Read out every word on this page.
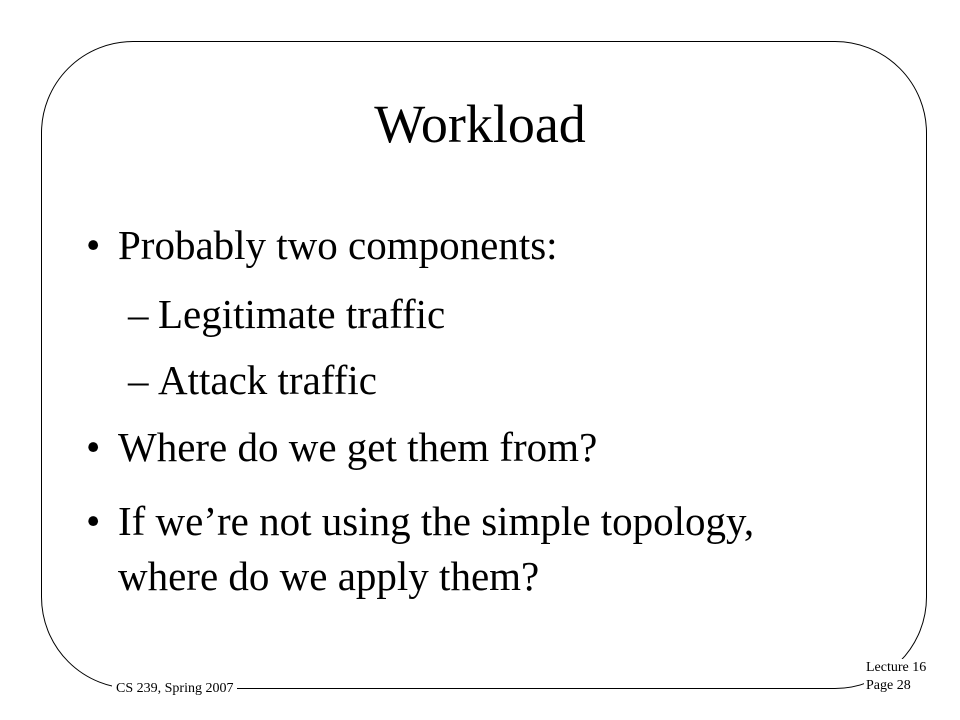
Workload
• Probably two components:
– Legitimate traffic
– Attack traffic
• Where do we get them from?
• If we’re not using the simple topology,
where do we apply them?
CS 239, Spring 2007
Lecture 16
Page 28
